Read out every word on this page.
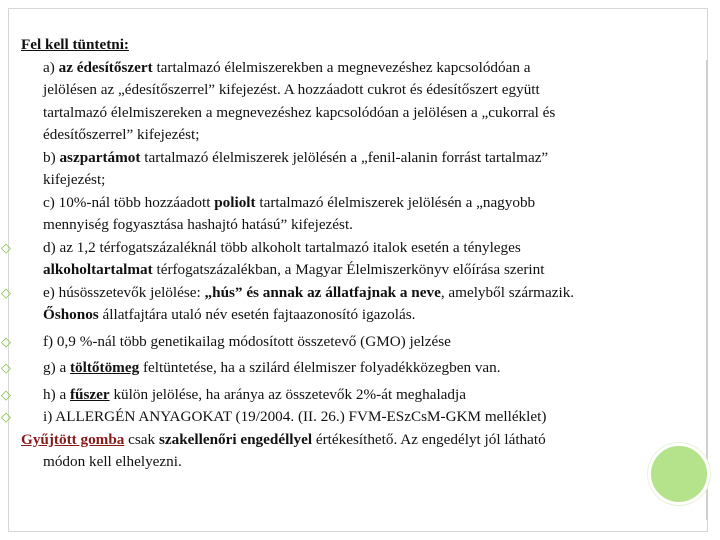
Fel kell tüntetni:
a) az édesítőszert tartalmazó élelmiszerekben a megnevezéshez kapcsolódóan a
jelölésen az „édesítőszerrel” kifejezést. A hozzáadott cukrot és édesítőszert együtt
tartalmazó élelmiszereken a megnevezéshez kapcsolódóan a jelölésen a „cukorral és
édesítőszerrel” kifejezést;
b) aszpartámot tartalmazó élelmiszerek jelölésén a „fenil-alanin forrást tartalmaz”
kifejezést;
c) 10%-nál több hozzáadott poliolt tartalmazó élelmiszerek jelölésén a „nagyobb
mennyiség fogyasztása hashajtó hatású” kifejezést.
◇ d) az 1,2 térfogatszázaléknál több alkoholt tartalmazó italok esetén a tényleges
alkoholtartalmat térfogatszázalékban, a Magyar Élelmiszerkönyv előírása szerint
◇ e) húsösszetevők jelölése: „hús” és annak az állatfajnak a neve, amelyből származik.
Őshonos állatfajtára utaló név esetén fajtaazonosító igazolás.
◇ f) 0,9 %-nál több genetikailag módosított összetevő (GMO) jelzése
◇ g) a töltőtömeg feltüntetése, ha a szilárd élelmiszer folyadékközegben van.
◇ h) a fűszer külön jelölése, ha aránya az összetevők 2%-át meghaladja
◇ i) ALLERGÉN ANYAGOKAT (19/2004. (II. 26.) FVM-ESzCsM-GKM melléklet)
Gyűjtött gomba csak szakellenőri engedéllyel értékesíthető. Az engedélyt jól látható
módon kell elhelyezni.
